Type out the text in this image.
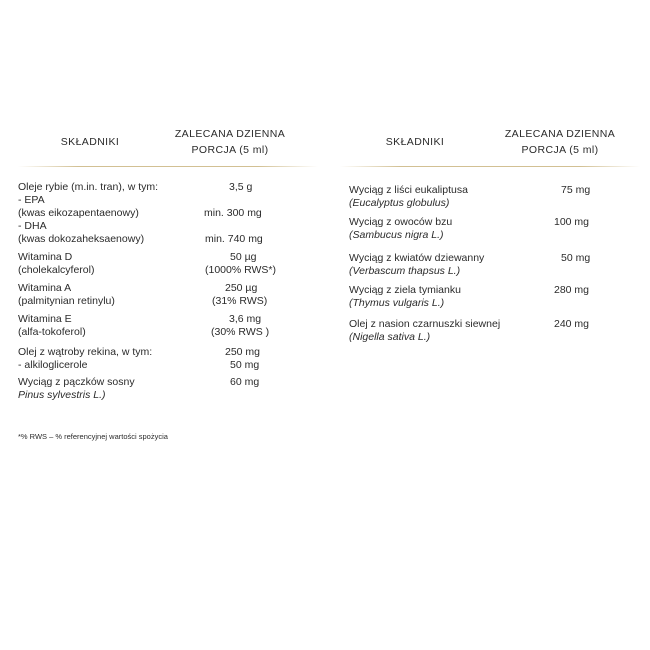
SKŁADNIKI
ZALECANA DZIENNA
PORCJA (5 ml)
SKŁADNIKI
ZALECANA DZIENNA
PORCJA (5 ml)
Oleje rybie (m.in. tran), w tym:
- EPA
(kwas eikozapentaenowy)
- DHA
(kwas dokozaheksaenowy)
3,5 g
min. 300 mg
min. 740 mg
Witamina D
(cholekalcyferol)
50 µg
(1000% RWS*)
Witamina A
(palmitynian retinylu)
250 µg
(31% RWS)
Witamina E
(alfa-tokoferol)
3,6 mg
(30% RWS )
Olej z wątroby rekina, w tym:
- alkiloglicerole
250 mg
50 mg
Wyciąg z pączków sosny
Pinus sylvestris L.)
60 mg
Wyciąg z liści eukaliptusa
(Eucalyptus globulus)
75 mg
Wyciąg z owoców bzu
(Sambucus nigra L.)
100 mg
Wyciąg z kwiatów dziewanny
(Verbascum thapsus L.)
50 mg
Wyciąg z ziela tymianku
(Thymus vulgaris L.)
280 mg
Olej z nasion czarnuszki siewnej
(Nigella sativa L.)
240 mg
*% RWS – % referencyjnej wartości spożycia
